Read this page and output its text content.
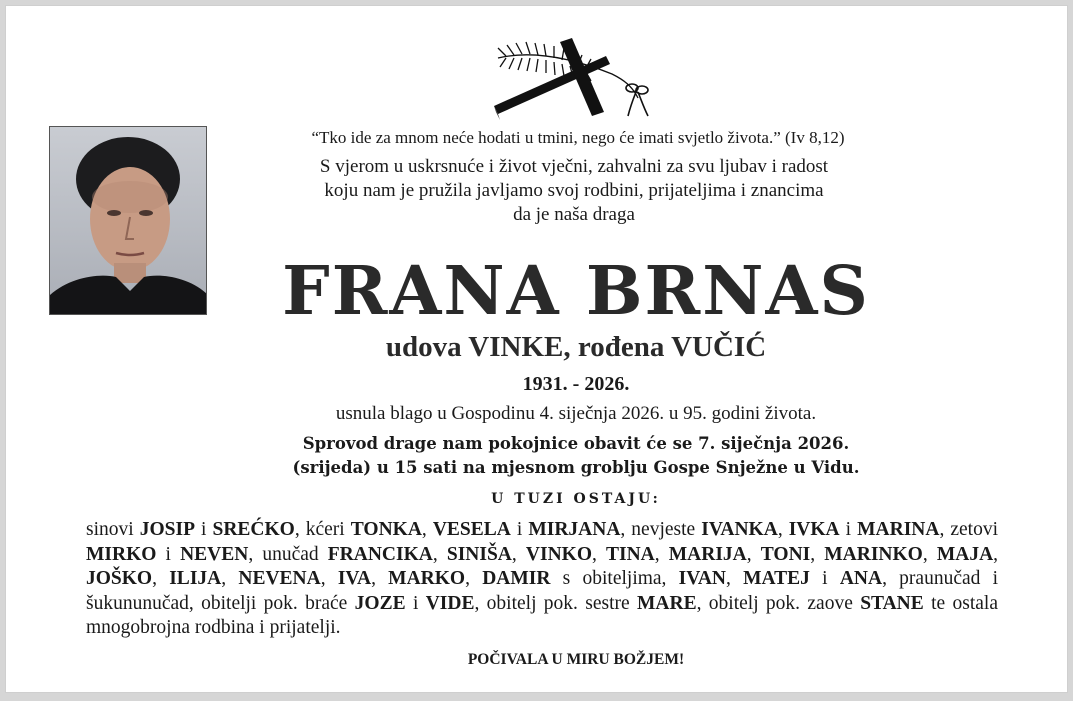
“Tko ide za mnom neće hodati u tmini, nego će imati svjetlo života.” (Iv 8,12)
S vjerom u uskrsnuće i život vječni, zahvalni za svu ljubav i radost
koju nam je pružila javljamo svoj rodbini, prijateljima i znancima
da je naša draga
FRANA BRNAS
udova VINKE, rođena VUČIĆ
1931. - 2026.
usnula blago u Gospodinu 4. siječnja 2026. u 95. godini života.
Sprovod drage nam pokojnice obavit će se 7. siječnja 2026.
(srijeda) u 15 sati na mjesnom groblju Gospe Snježne u Vidu.
U TUZI OSTAJU:
sinovi JOSIP i SREĆKO, kćeri TONKA, VESELA i MIRJANA, nevjeste IVANKA, IVKA i MARINA, zetovi MIRKO i NEVEN, unučad FRANCIKA, SINIŠA, VINKO, TINA, MARIJA, TONI, MARINKO, MAJA, JOŠKO, ILIJA, NEVENA, IVA, MARKO, DAMIR s obiteljima, IVAN, MATEJ i ANA, praunučad i šukununučad, obitelji pok. braće JOZE i VIDE, obitelj pok. sestre MARE, obitelj pok. zaove STANE te ostala mnogobrojna rodbina i prijatelji.
POČIVALA U MIRU BOŽJEM!
